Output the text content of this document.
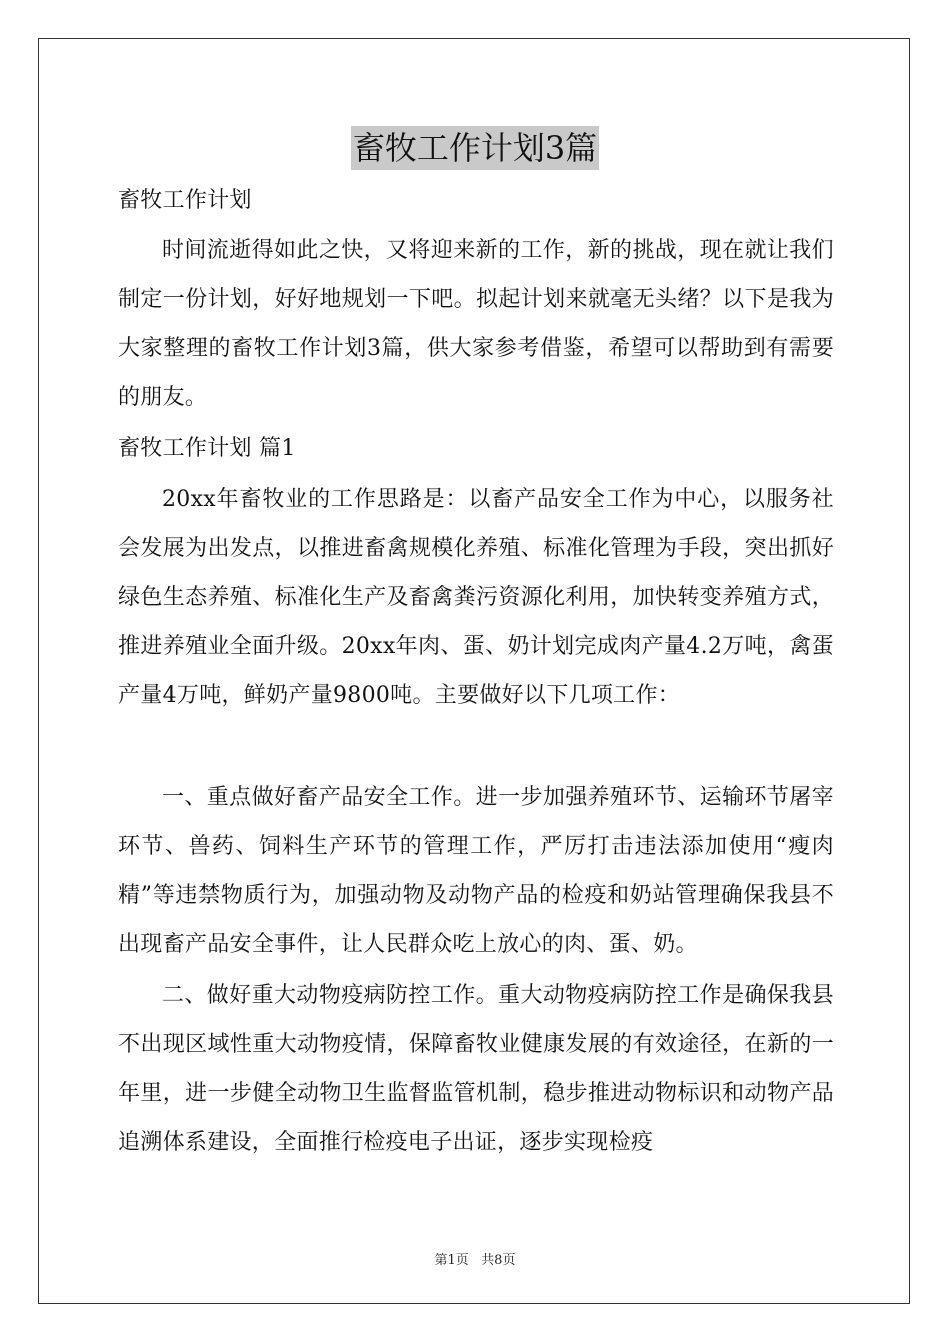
畜牧工作计划3篇
畜牧工作计划
时间流逝得如此之快，又将迎来新的工作，新的挑战，现在就让我们制定一份计划，好好地规划一下吧。拟起计划来就毫无头绪？以下是我为大家整理的畜牧工作计划3篇，供大家参考借鉴，希望可以帮助到有需要的朋友。
畜牧工作计划 篇1
20xx年畜牧业的工作思路是：以畜产品安全工作为中心，以服务社会发展为出发点，以推进畜禽规模化养殖、标准化管理为手段，突出抓好绿色生态养殖、标准化生产及畜禽粪污资源化利用，加快转变养殖方式，推进养殖业全面升级。20xx年肉、蛋、奶计划完成肉产量4.2万吨，禽蛋产量4万吨，鲜奶产量9800吨。主要做好以下几项工作：
一、重点做好畜产品安全工作。进一步加强养殖环节、运输环节屠宰环节、兽药、饲料生产环节的管理工作，严厉打击违法添加使用“瘦肉精”等违禁物质行为，加强动物及动物产品的检疫和奶站管理确保我县不出现畜产品安全事件，让人民群众吃上放心的肉、蛋、奶。
二、做好重大动物疫病防控工作。重大动物疫病防控工作是确保我县不出现区域性重大动物疫情，保障畜牧业健康发展的有效途径，在新的一年里，进一步健全动物卫生监督监管机制，稳步推进动物标识和动物产品追溯体系建设，全面推行检疫电子出证，逐步实现检疫
第1页   共8页
